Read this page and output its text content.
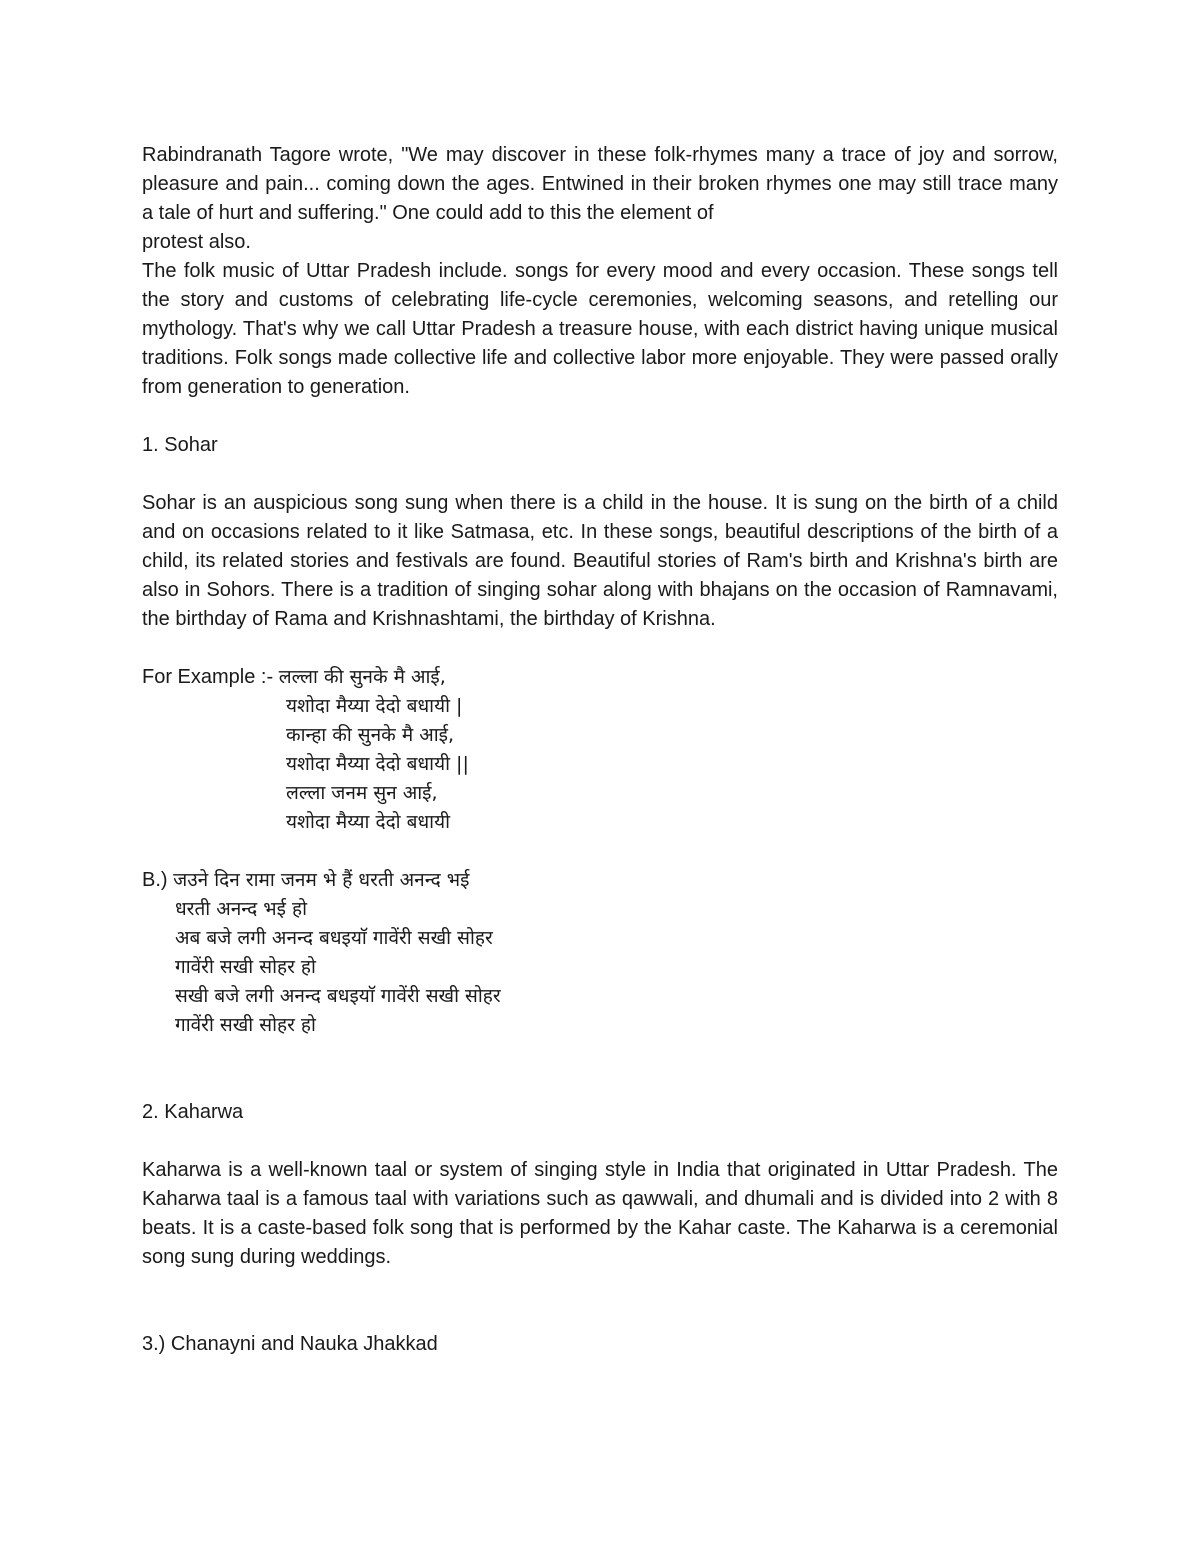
Rabindranath Tagore wrote, "We may discover in these folk-rhymes many a trace of joy and sorrow, pleasure and pain... coming down the ages. Entwined in their broken rhymes one may still trace many a tale of hurt and suffering." One could add to this the element of

protest also.

The folk music of Uttar Pradesh include. songs for every mood and every occasion. These songs tell the story and customs of celebrating life-cycle ceremonies, welcoming seasons, and retelling our mythology. That's why we call Uttar Pradesh a treasure house, with each district having unique musical traditions. Folk songs made collective life and collective labor more enjoyable. They were passed orally from generation to generation.

1. Sohar

Sohar is an auspicious song sung when there is a child in the house. It is sung on the birth of a child and on occasions related to it like Satmasa, etc. In these songs, beautiful descriptions of the birth of a child, its related stories and festivals are found. Beautiful stories of Ram's birth and Krishna's birth are also in Sohors. There is a tradition of singing sohar along with bhajans on the occasion of Ramnavami, the birthday of Rama and Krishnashtami, the birthday of Krishna.

For Example :- लल्ला की सुनके मै आई,
यशोदा मैय्या देदो बधायी |
कान्हा की सुनके मै आई,
यशोदा मैय्या देदो बधायी ||
लल्ला जनम सुन आई,
यशोदा मैय्या देदो बधायी
B.) जउने दिन रामा जनम भे हैं धरती अनन्द भई
धरती अनन्द भई हो
अब बजे लगी अनन्द बधइयाॅ गावेंरी सखी सोहर
गावेंरी सखी सोहर हो
सखी बजे लगी अनन्द बधइयाॅ गावेंरी सखी सोहर
गावेंरी सखी सोहर हो

2. Kaharwa

Kaharwa is a well-known taal or system of singing style in India that originated in Uttar Pradesh. The Kaharwa taal is a famous taal with variations such as qawwali, and dhumali and is divided into 2 with 8 beats. It is a caste-based folk song that is performed by the Kahar caste. The Kaharwa is a ceremonial song sung during weddings.

3.) Chanayni and Nauka Jhakkad
